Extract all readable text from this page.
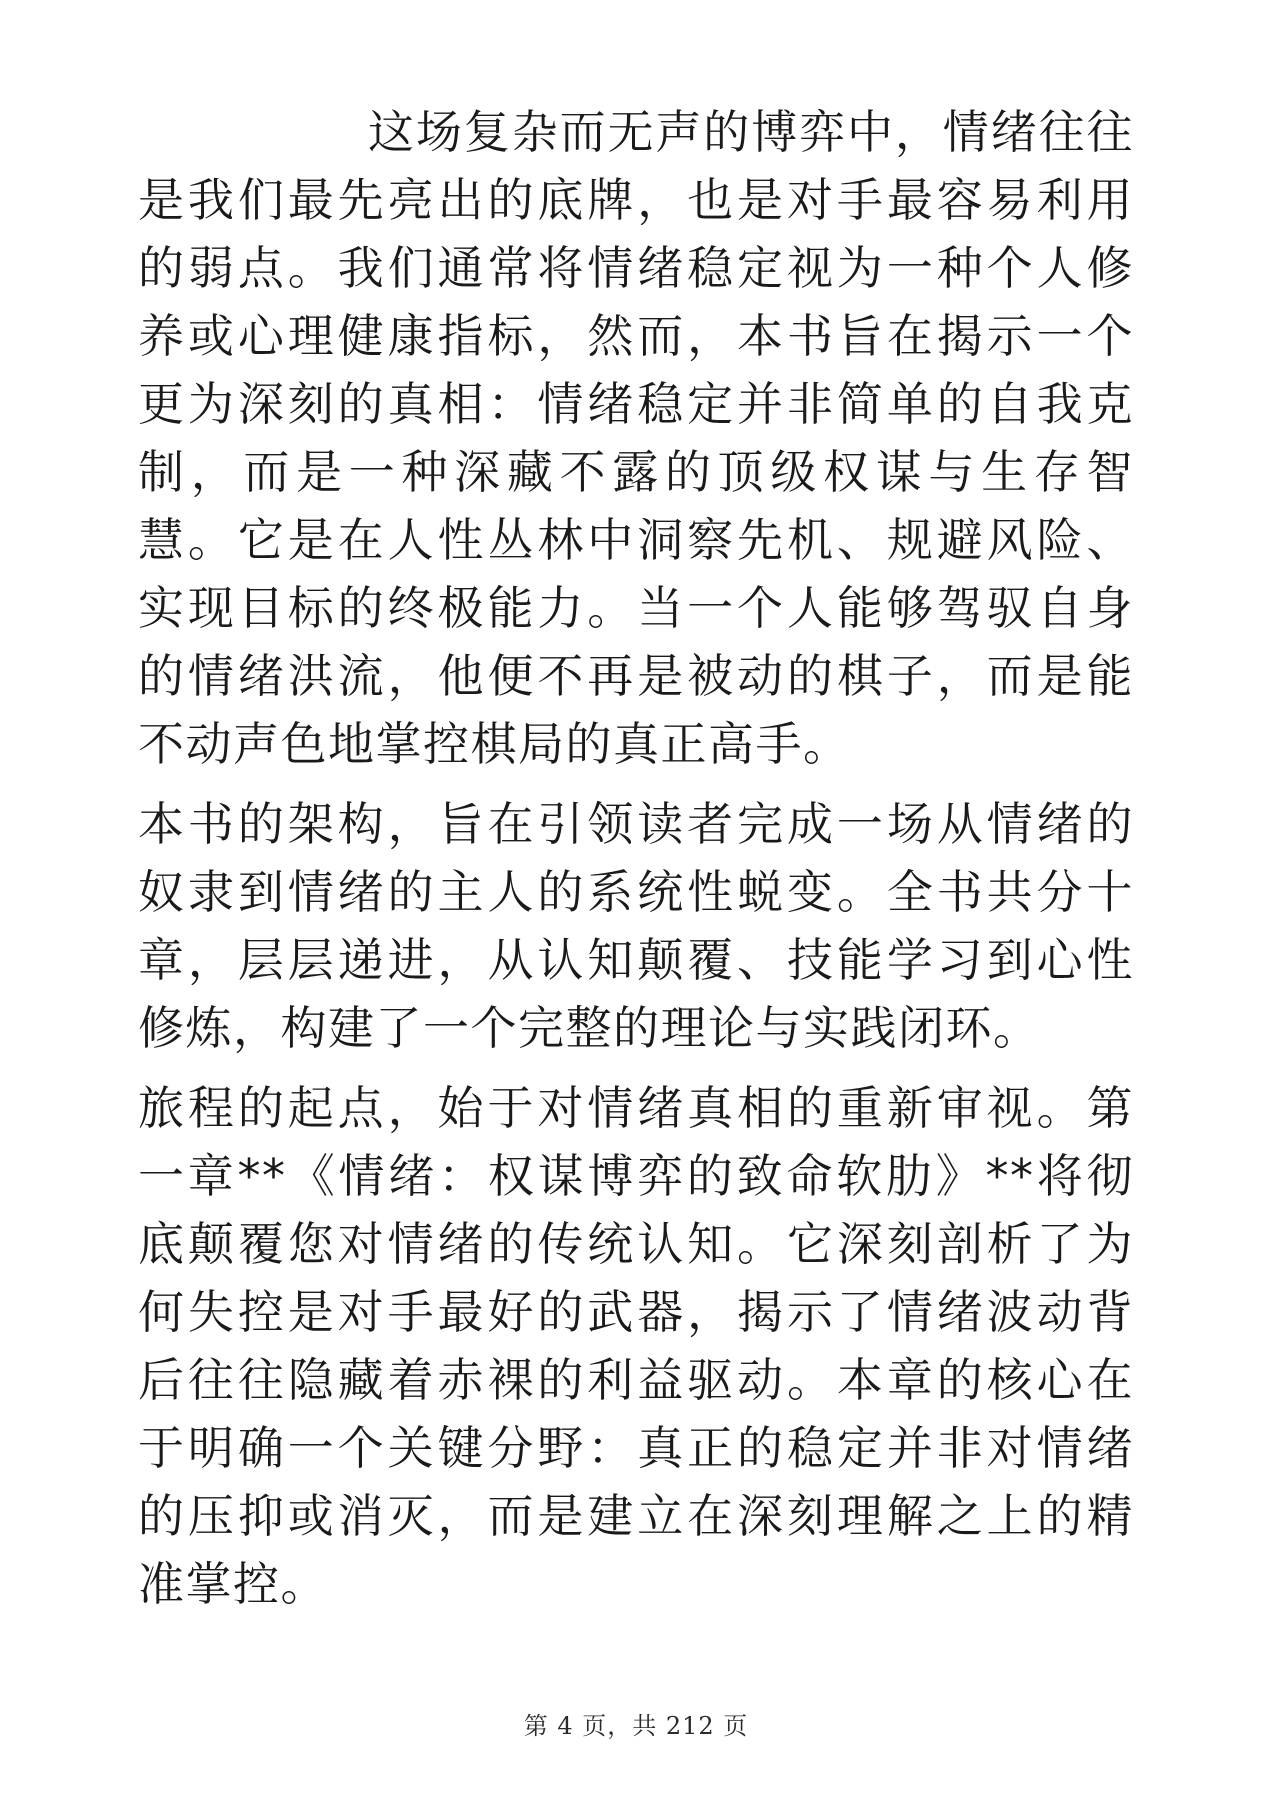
这场复杂而无声的博弈中，情绪往往是我们最先亮出的底牌，也是对手最容易利用的弱点。我们通常将情绪稳定视为一种个人修养或心理健康指标，然而，本书旨在揭示一个更为深刻的真相：情绪稳定并非简单的自我克制，而是一种深藏不露的顶级权谋与生存智慧。它是在人性丛林中洞察先机、规避风险、实现目标的终极能力。当一个人能够驾驭自身的情绪洪流，他便不再是被动的棋子，而是能不动声色地掌控棋局的真正高手。

本书的架构，旨在引领读者完成一场从情绪的奴隶到情绪的主人的系统性蜕变。全书共分十章，层层递进，从认知颠覆、技能学习到心性修炼，构建了一个完整的理论与实践闭环。

旅程的起点，始于对情绪真相的重新审视。第一章**《情绪：权谋博弈的致命软肋》**将彻底颠覆您对情绪的传统认知。它深刻剖析了为何失控是对手最好的武器，揭示了情绪波动背后往往隐藏着赤裸的利益驱动。本章的核心在于明确一个关键分野：真正的稳定并非对情绪的压抑或消灭，而是建立在深刻理解之上的精准掌控。

第 4 页，共 212 页
